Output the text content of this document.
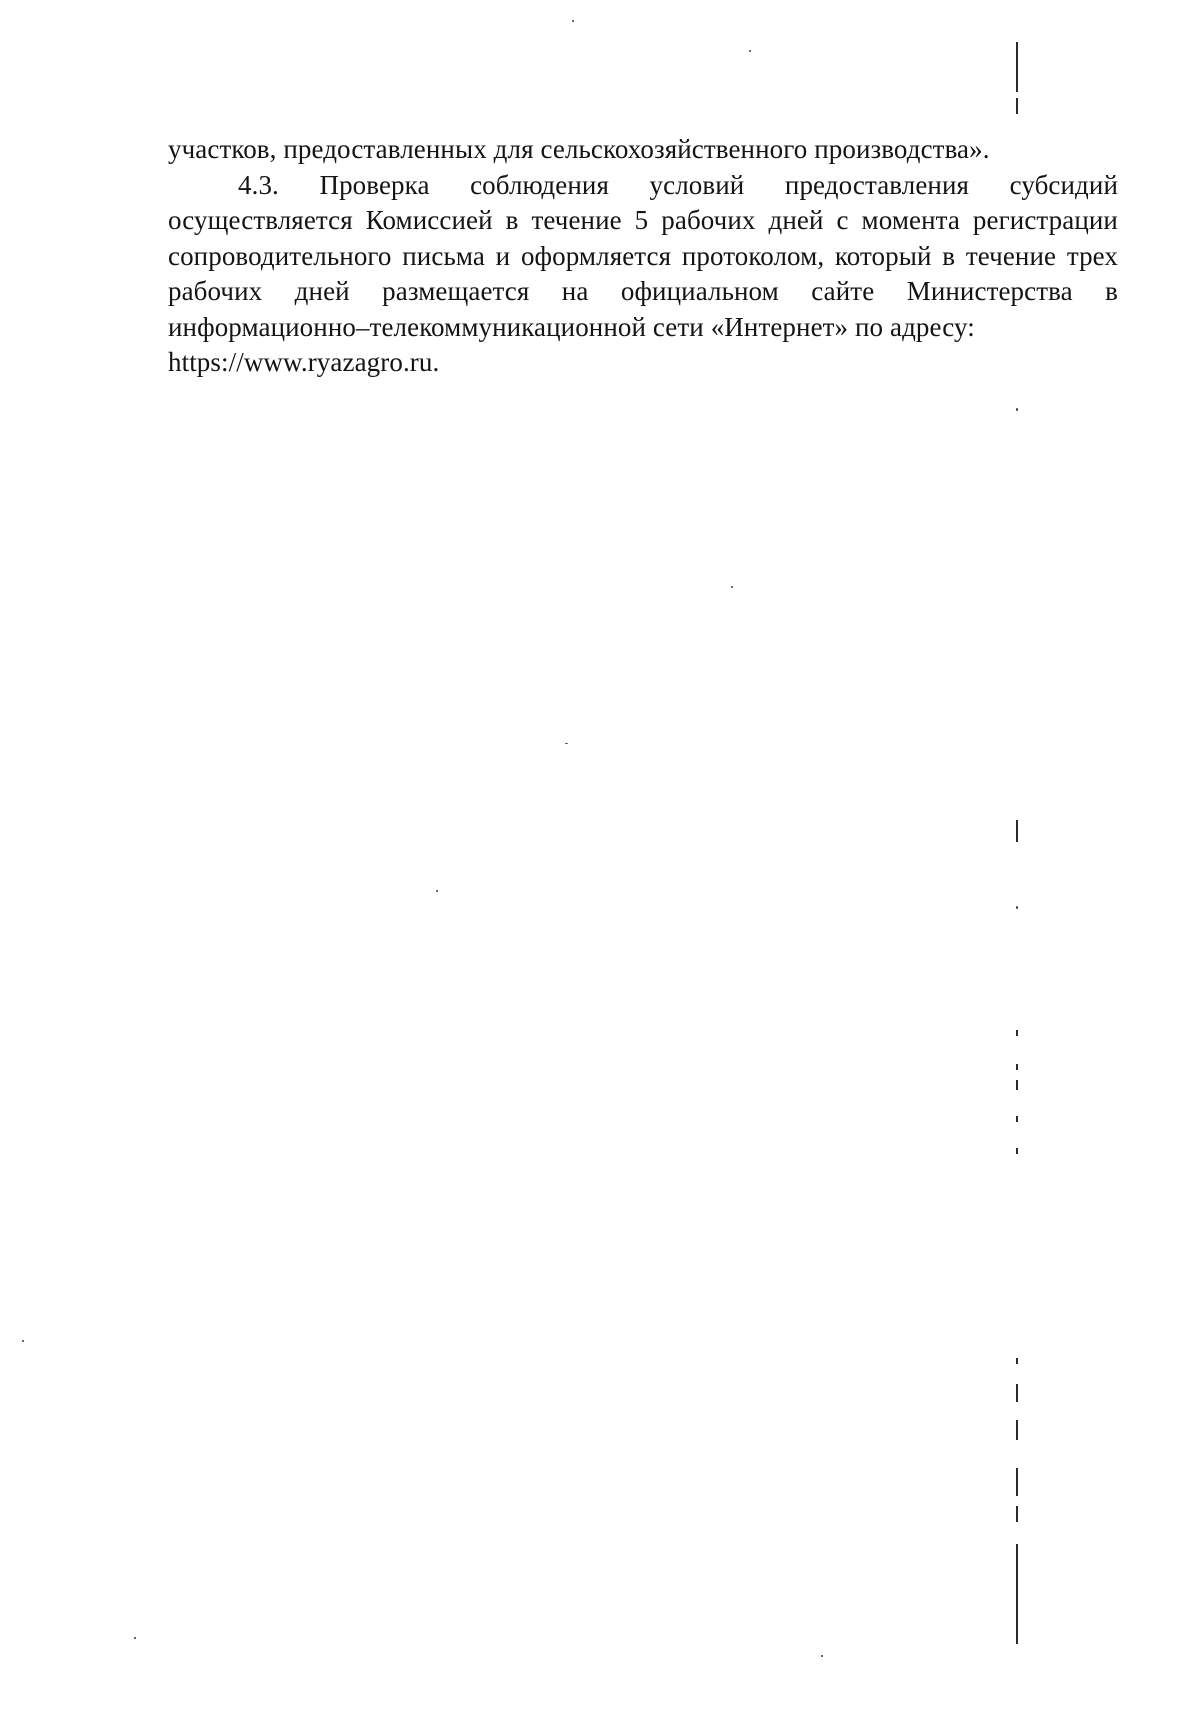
участков, предоставленных для сельскохозяйственного производства».

4.3. Проверка соблюдения условий предоставления субсидий осуществляется Комиссией в течение 5 рабочих дней с момента регистрации сопроводительного письма и оформляется протоколом, который в течение трех рабочих дней размещается на официальном сайте Министерства в информационно–телекоммуникационной сети «Интернет» по адресу:

https://www.ryazagro.ru.
